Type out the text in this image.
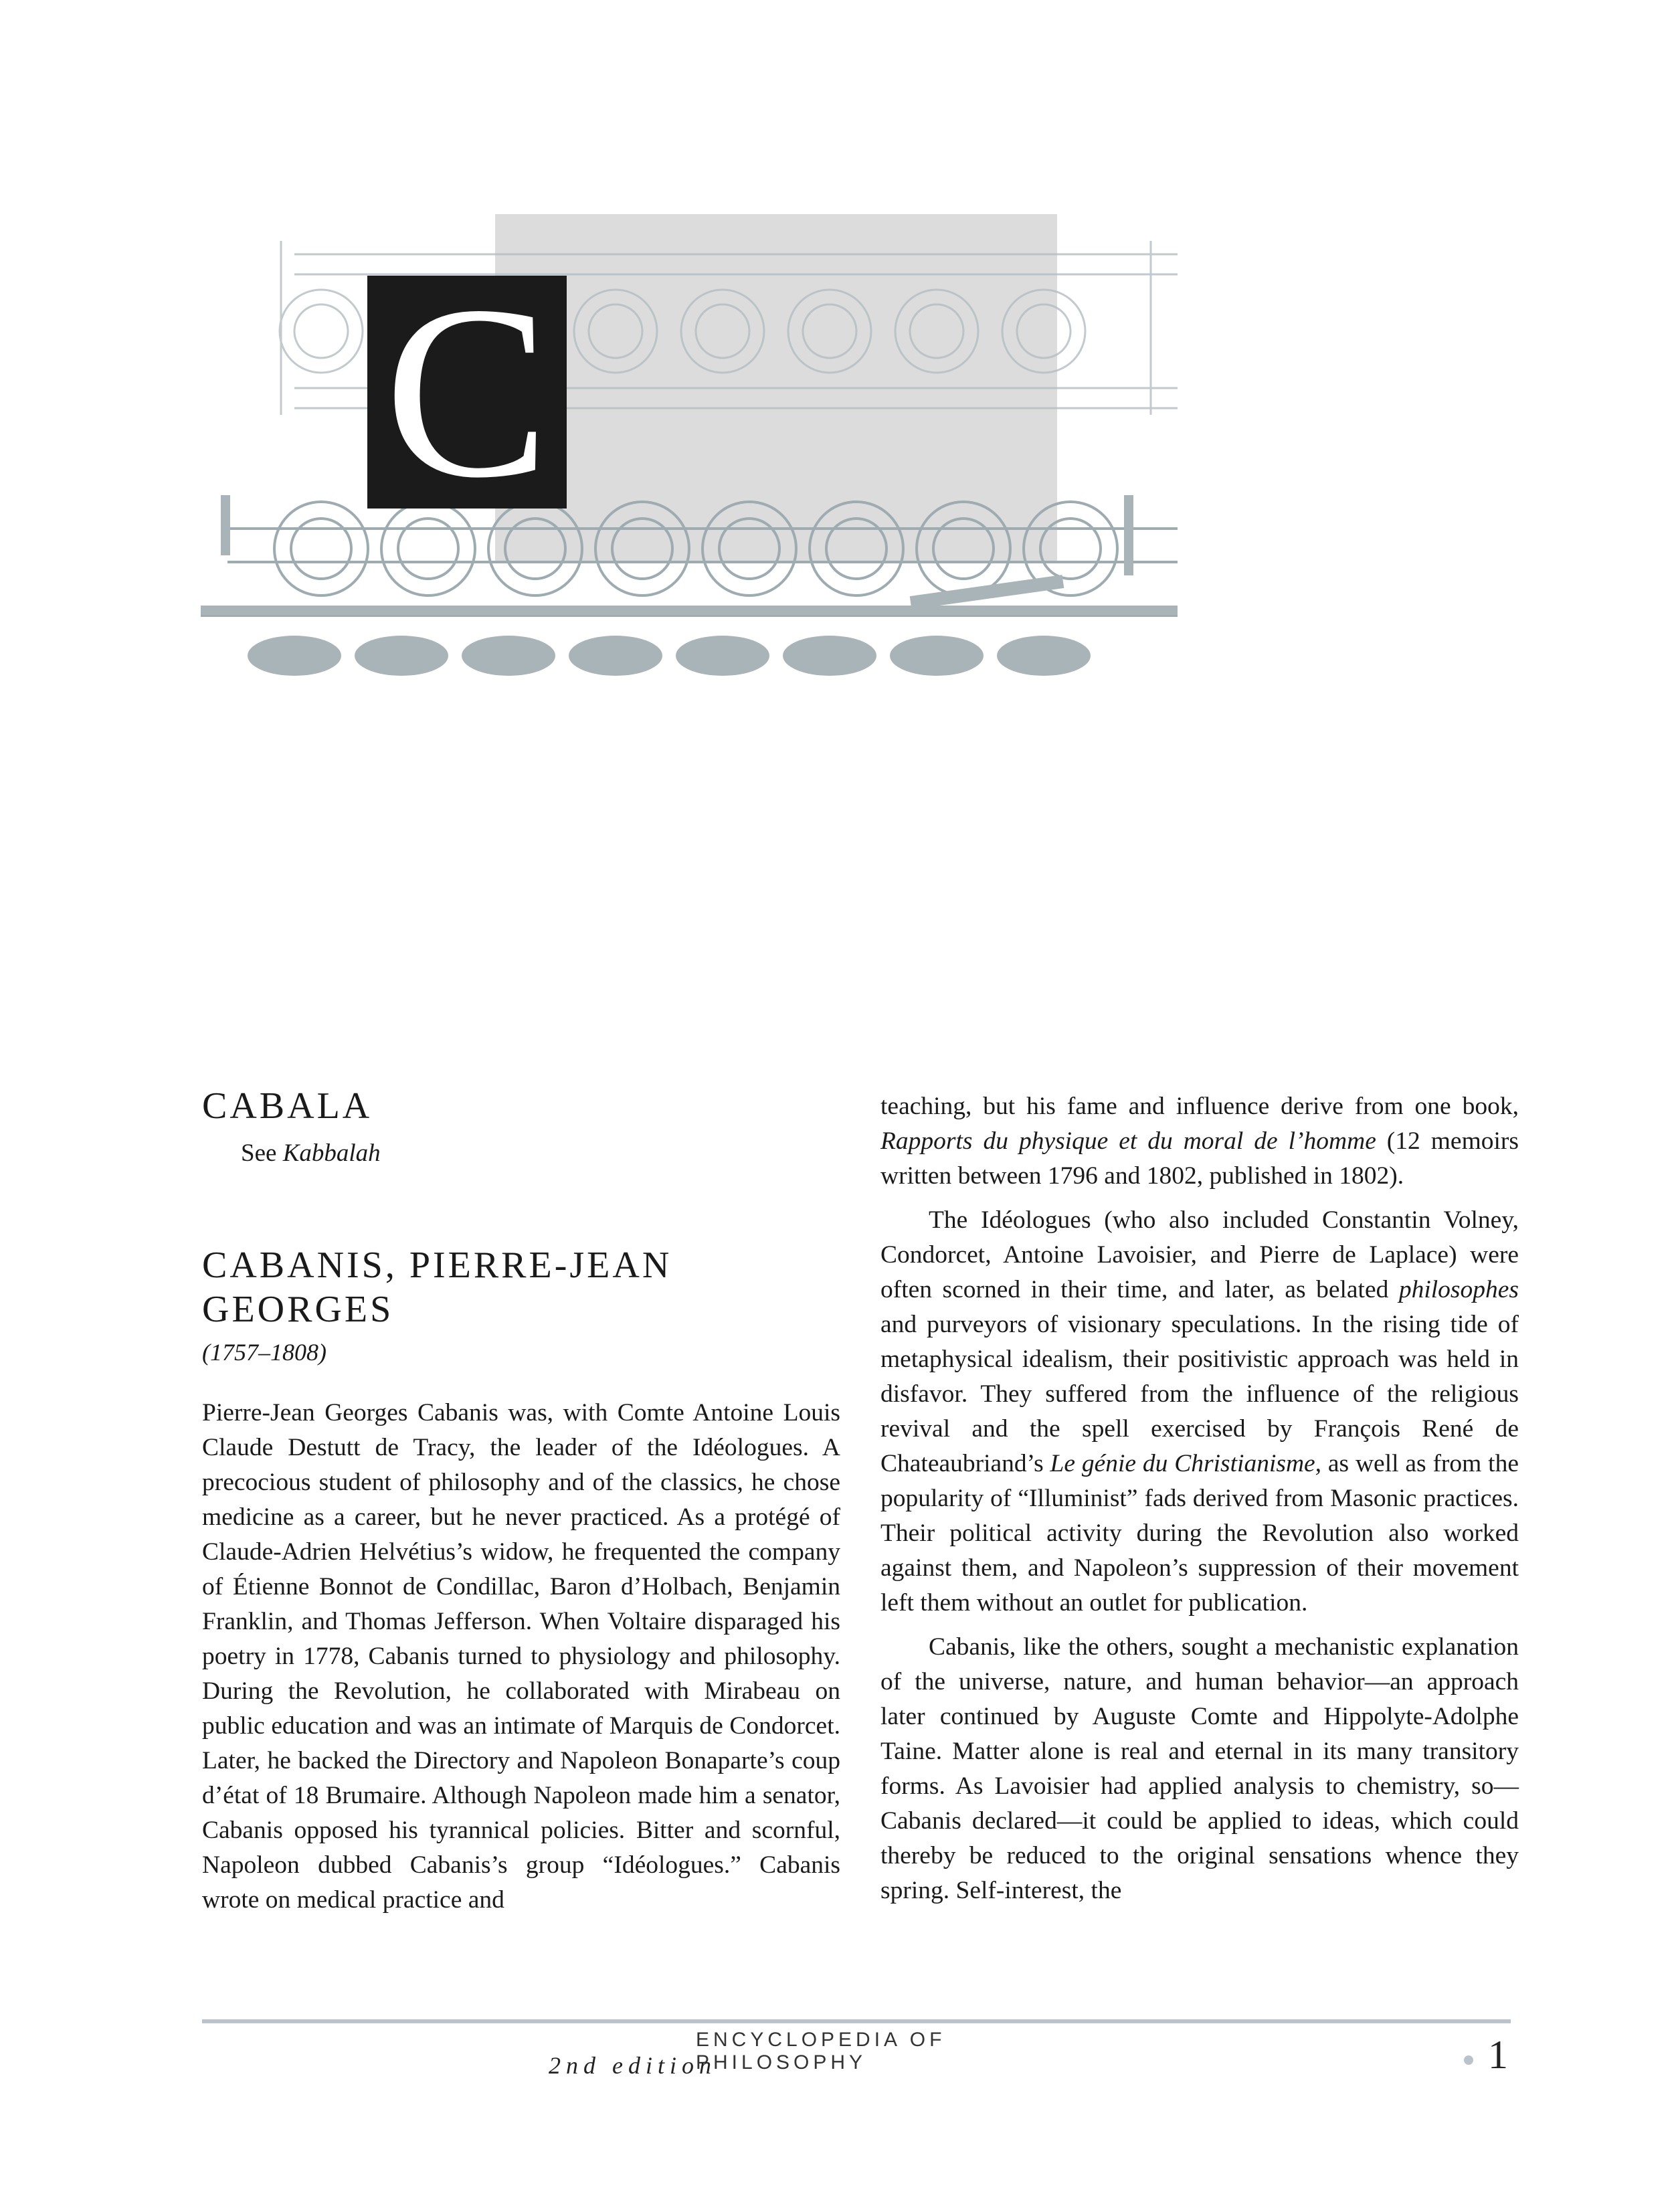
C
CABALA
See Kabbalah
CABANIS, PIERRE-JEAN
GEORGES
(1757–1808)

Pierre-Jean Georges Cabanis was, with Comte Antoine Louis Claude Destutt de Tracy, the leader of the Idéologues. A precocious student of philosophy and of the classics, he chose medicine as a career, but he never practiced. As a protégé of Claude-Adrien Helvétius’s widow, he frequented the company of Étienne Bonnot de Condillac, Baron d’Holbach, Benjamin Franklin, and Thomas Jefferson. When Voltaire disparaged his poetry in 1778, Cabanis turned to physiology and philosophy. During the Revolution, he collaborated with Mirabeau on public education and was an intimate of Marquis de Condorcet. Later, he backed the Directory and Napoleon Bonaparte’s coup d’état of 18 Brumaire. Although Napoleon made him a senator, Cabanis opposed his tyrannical policies. Bitter and scornful, Napoleon dubbed Cabanis’s group “Idéologues.” Cabanis wrote on medical practice and

teaching, but his fame and influence derive from one book, Rapports du physique et du moral de l’homme (12 memoirs written between 1796 and 1802, published in 1802).

The Idéologues (who also included Constantin Volney, Condorcet, Antoine Lavoisier, and Pierre de Laplace) were often scorned in their time, and later, as belated philosophes and purveyors of visionary speculations. In the rising tide of metaphysical idealism, their positivistic approach was held in disfavor. They suffered from the influence of the religious revival and the spell exercised by François René de Chateaubriand’s Le génie du Christianisme, as well as from the popularity of “Illuminist” fads derived from Masonic practices. Their political activity during the Revolution also worked against them, and Napoleon’s suppression of their movement left them without an outlet for publication.

Cabanis, like the others, sought a mechanistic explanation of the universe, nature, and human behavior—an approach later continued by Auguste Comte and Hippolyte-Adolphe Taine. Matter alone is real and eternal in its many transitory forms. As Lavoisier had applied analysis to chemistry, so—Cabanis declared—it could be applied to ideas, which could thereby be reduced to the original sensations whence they spring. Self-interest, the

ENCYCLOPEDIA OF PHILOSOPHY
2nd edition	1
